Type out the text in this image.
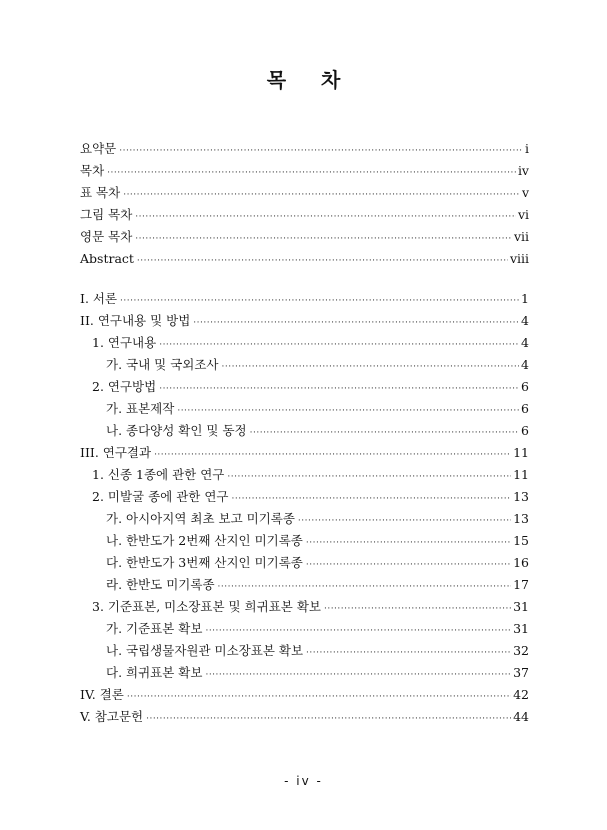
목 차
요약문 ·····	i
목차 ·····	iv
표 목차 ·····	v
그림 목차 ·····	vi
영문 목차 ·····	vii
Abstract ·····	viii
I. 서론 ·····	1
II. 연구내용 및 방법 ·····	4
1. 연구내용 ·····	4
가. 국내 및 국외조사 ·····	4
2. 연구방법 ·····	6
가. 표본제작 ·····	6
나. 종다양성 확인 및 동정 ·····	6
III. 연구결과 ·····	11
1. 신종 1종에 관한 연구 ·····	11
2. 미발굴 종에 관한 연구 ·····	13
가. 아시아지역 최초 보고 미기록종 ·····	13
나. 한반도가 2번째 산지인 미기록종 ·····	15
다. 한반도가 3번째 산지인 미기록종 ·····	16
라. 한반도 미기록종 ·····	17
3. 기준표본, 미소장표본 및 희귀표본 확보 ·····	31
가. 기준표본 확보 ·····	31
나. 국립생물자원관 미소장표본 확보 ·····	32
다. 희귀표본 확보 ·····	37
IV. 결론 ·····	42
V. 참고문헌 ·····	44
- iv -
